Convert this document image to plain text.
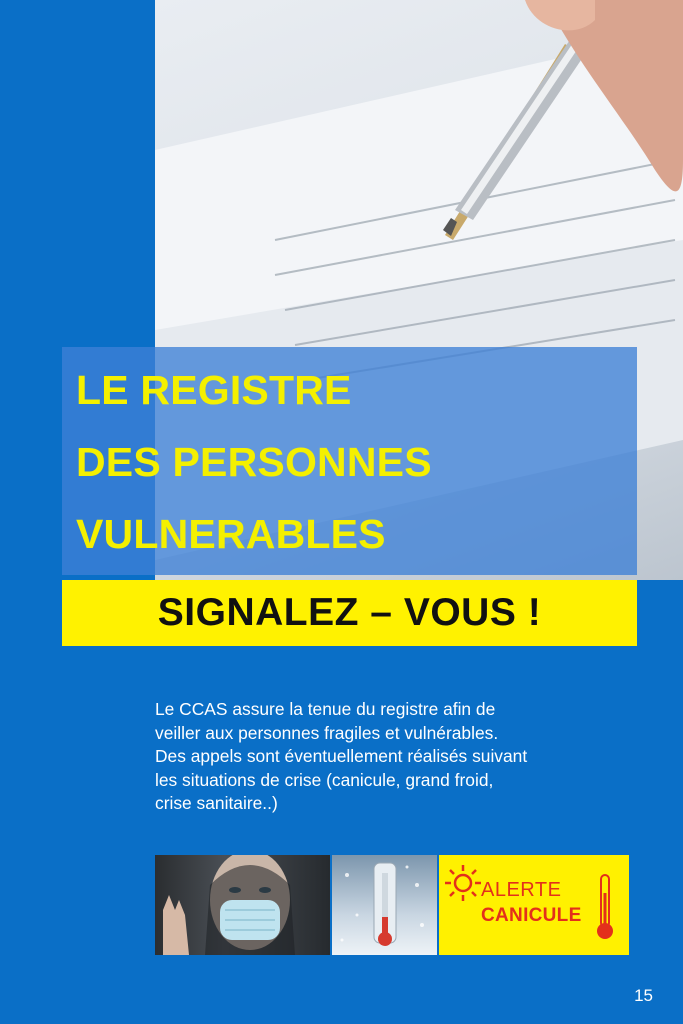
LE REGISTRE
DES PERSONNES
VULNERABLES
SIGNALEZ – VOUS !
Le CCAS assure la tenue du registre afin de
veiller aux personnes fragiles et vulnérables.
Des appels sont éventuellement réalisés suivant
les situations de crise (canicule, grand froid,
crise sanitaire..)
ALERTE
CANICULE
15
